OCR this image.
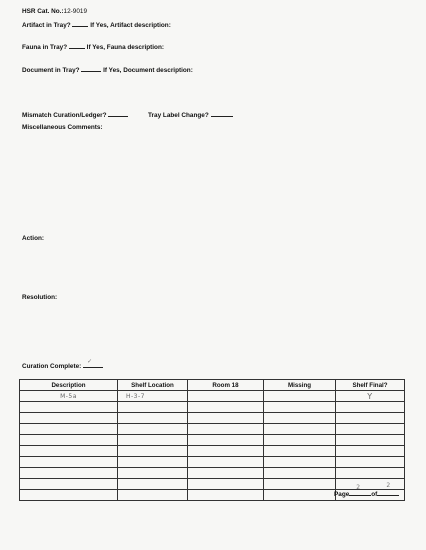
HSR Cat. No.:12-9019
Artifact in Tray?	If Yes, Artifact description:
Fauna in Tray?	If Yes, Fauna description:
Document in Tray?	If Yes, Document description:
Mismatch Curation/Ledger?	Tray Label Change?
Miscellaneous Comments:
Action:
Resolution:
Curation Complete:
✓
Description	Shelf Location	Room 18	Missing	Shelf Final?
M-5a	H-3-7			Y

Page
2
of
2
